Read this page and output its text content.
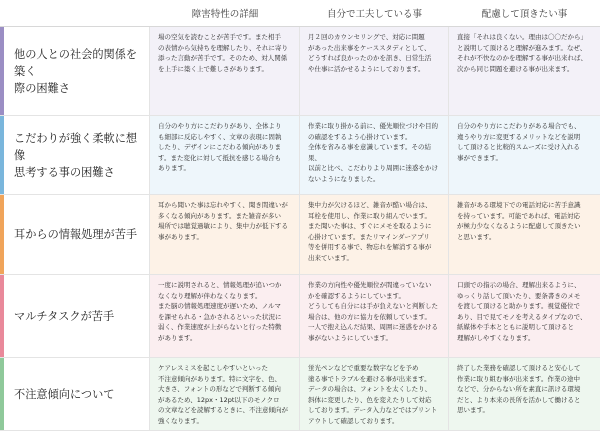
障害特性の詳細	自分で工夫している事	配慮して頂きたい事
他の人との社会的関係を築く
際の困難さ
場の空気を読むことが苦手です。また相手
の表情から気持ちを理解したり、それに寄り
添った言動が苦手です。そのため、対人関係
を上手に築く上で難しさがあります。
月２回のカウンセリングで、対応に問題
があった出来事をケーススタディとして、
どうすれば良かったのかを訊き、日常生活
や仕事に活かせるようにしております。
直接「それは良くない。理由は〇〇だから」
と説明して頂けると理解が進みます。なぜ、
それが不快なのかを理解する事が出来れば、
次から同じ問題を避ける事が出来ます。
こだわりが強く柔軟に想像
思考する事の困難さ
自分のやり方にこだわりがあり、全体より
も細部に反応しやすく、文章の表現に固執
したり、デザインにこだわる傾向がありま
す。また変化に対して抵抗を感じる場合も
あります。
作業に取り掛かる前に、優先順位づけや目的
の確認をするよう心掛けています。
全体を省みる事を意識しています。その結果、
以前と比べ、こだわりより周囲に迷惑をかけ
ないようになりました。
自分のやり方にこだわりがある場合でも、
違うやり方に変更するメリットなどを説明
して頂けると比較的スムーズに受け入れる
事ができます。
耳からの情報処理が苦手
耳から聞いた事は忘れやすく、聞き間違いが
多くなる傾向があります。また雑音が多い
場所では聴覚過敏により、集中力が低下する
事があります。
集中力が欠けるほど、雑音が酷い場合は、
耳栓を使用し、作業に取り組んでいます。
また聞いた事は、すぐにメモを取るように
心掛けています。またリマインダーアプリ
等を併用する事で、物忘れを解消する事が
出来ています。
雑音がある環境下での電話対応に苦手意識
を持っています。可能であれば、電話対応
が極力少なくなるように配慮して頂きたい
と思います。
マルチタスクが苦手
一度に説明されると、情報処理が追いつか
なくなり理解が伴わなくなります。
また脳の情報処理速度が遅いため、ノルマ
を課せられる・急かされるといった状況に
弱く、作業速度が上がらないと行った特徴
があります。
作業の方向性や優先順位が間違っていない
かを確認するようにしています。
どうしても自分には手が負えないと判断した
場合は、他の方に協力を依頼しています。
一人で抱え込んだ結果、周囲に迷惑をかける
事がないようにしています。
口頭での指示の場合、理解出来るように、
ゆっくり話して頂いたり、要条書きのメモ
を渡して頂けると助かります。視覚優位で
あり、目で見てモノを考えるタイプなので、
紙媒体や手本とともに説明して頂けると
理解がしやすくなります。
不注意傾向について
ケアレスミスを起こしやすいといった
不注意傾向があります。特に文字を、色、
大きさ、フォントの形などで判断する傾向
があるため、12px・12pt以下のモノクロ
の文章などを読解するときに、不注意傾向が
強くなります。
蛍光ペンなどで重要な数字などを予め
塗る事でトラブルを避ける事が出来ます。
データの場合は、フォントを太くしたり、
斜体に変更したり、色を変えたりして対応
しております。データ入力などではプリント
アウトして確認しております。
終了した業務を確認して頂けると安心して
作業に取り組む事が出来ます。作業の途中
などで、分からない所を素直に訊ける環境
だと、より本来の長所を活かして働けると
思います。
